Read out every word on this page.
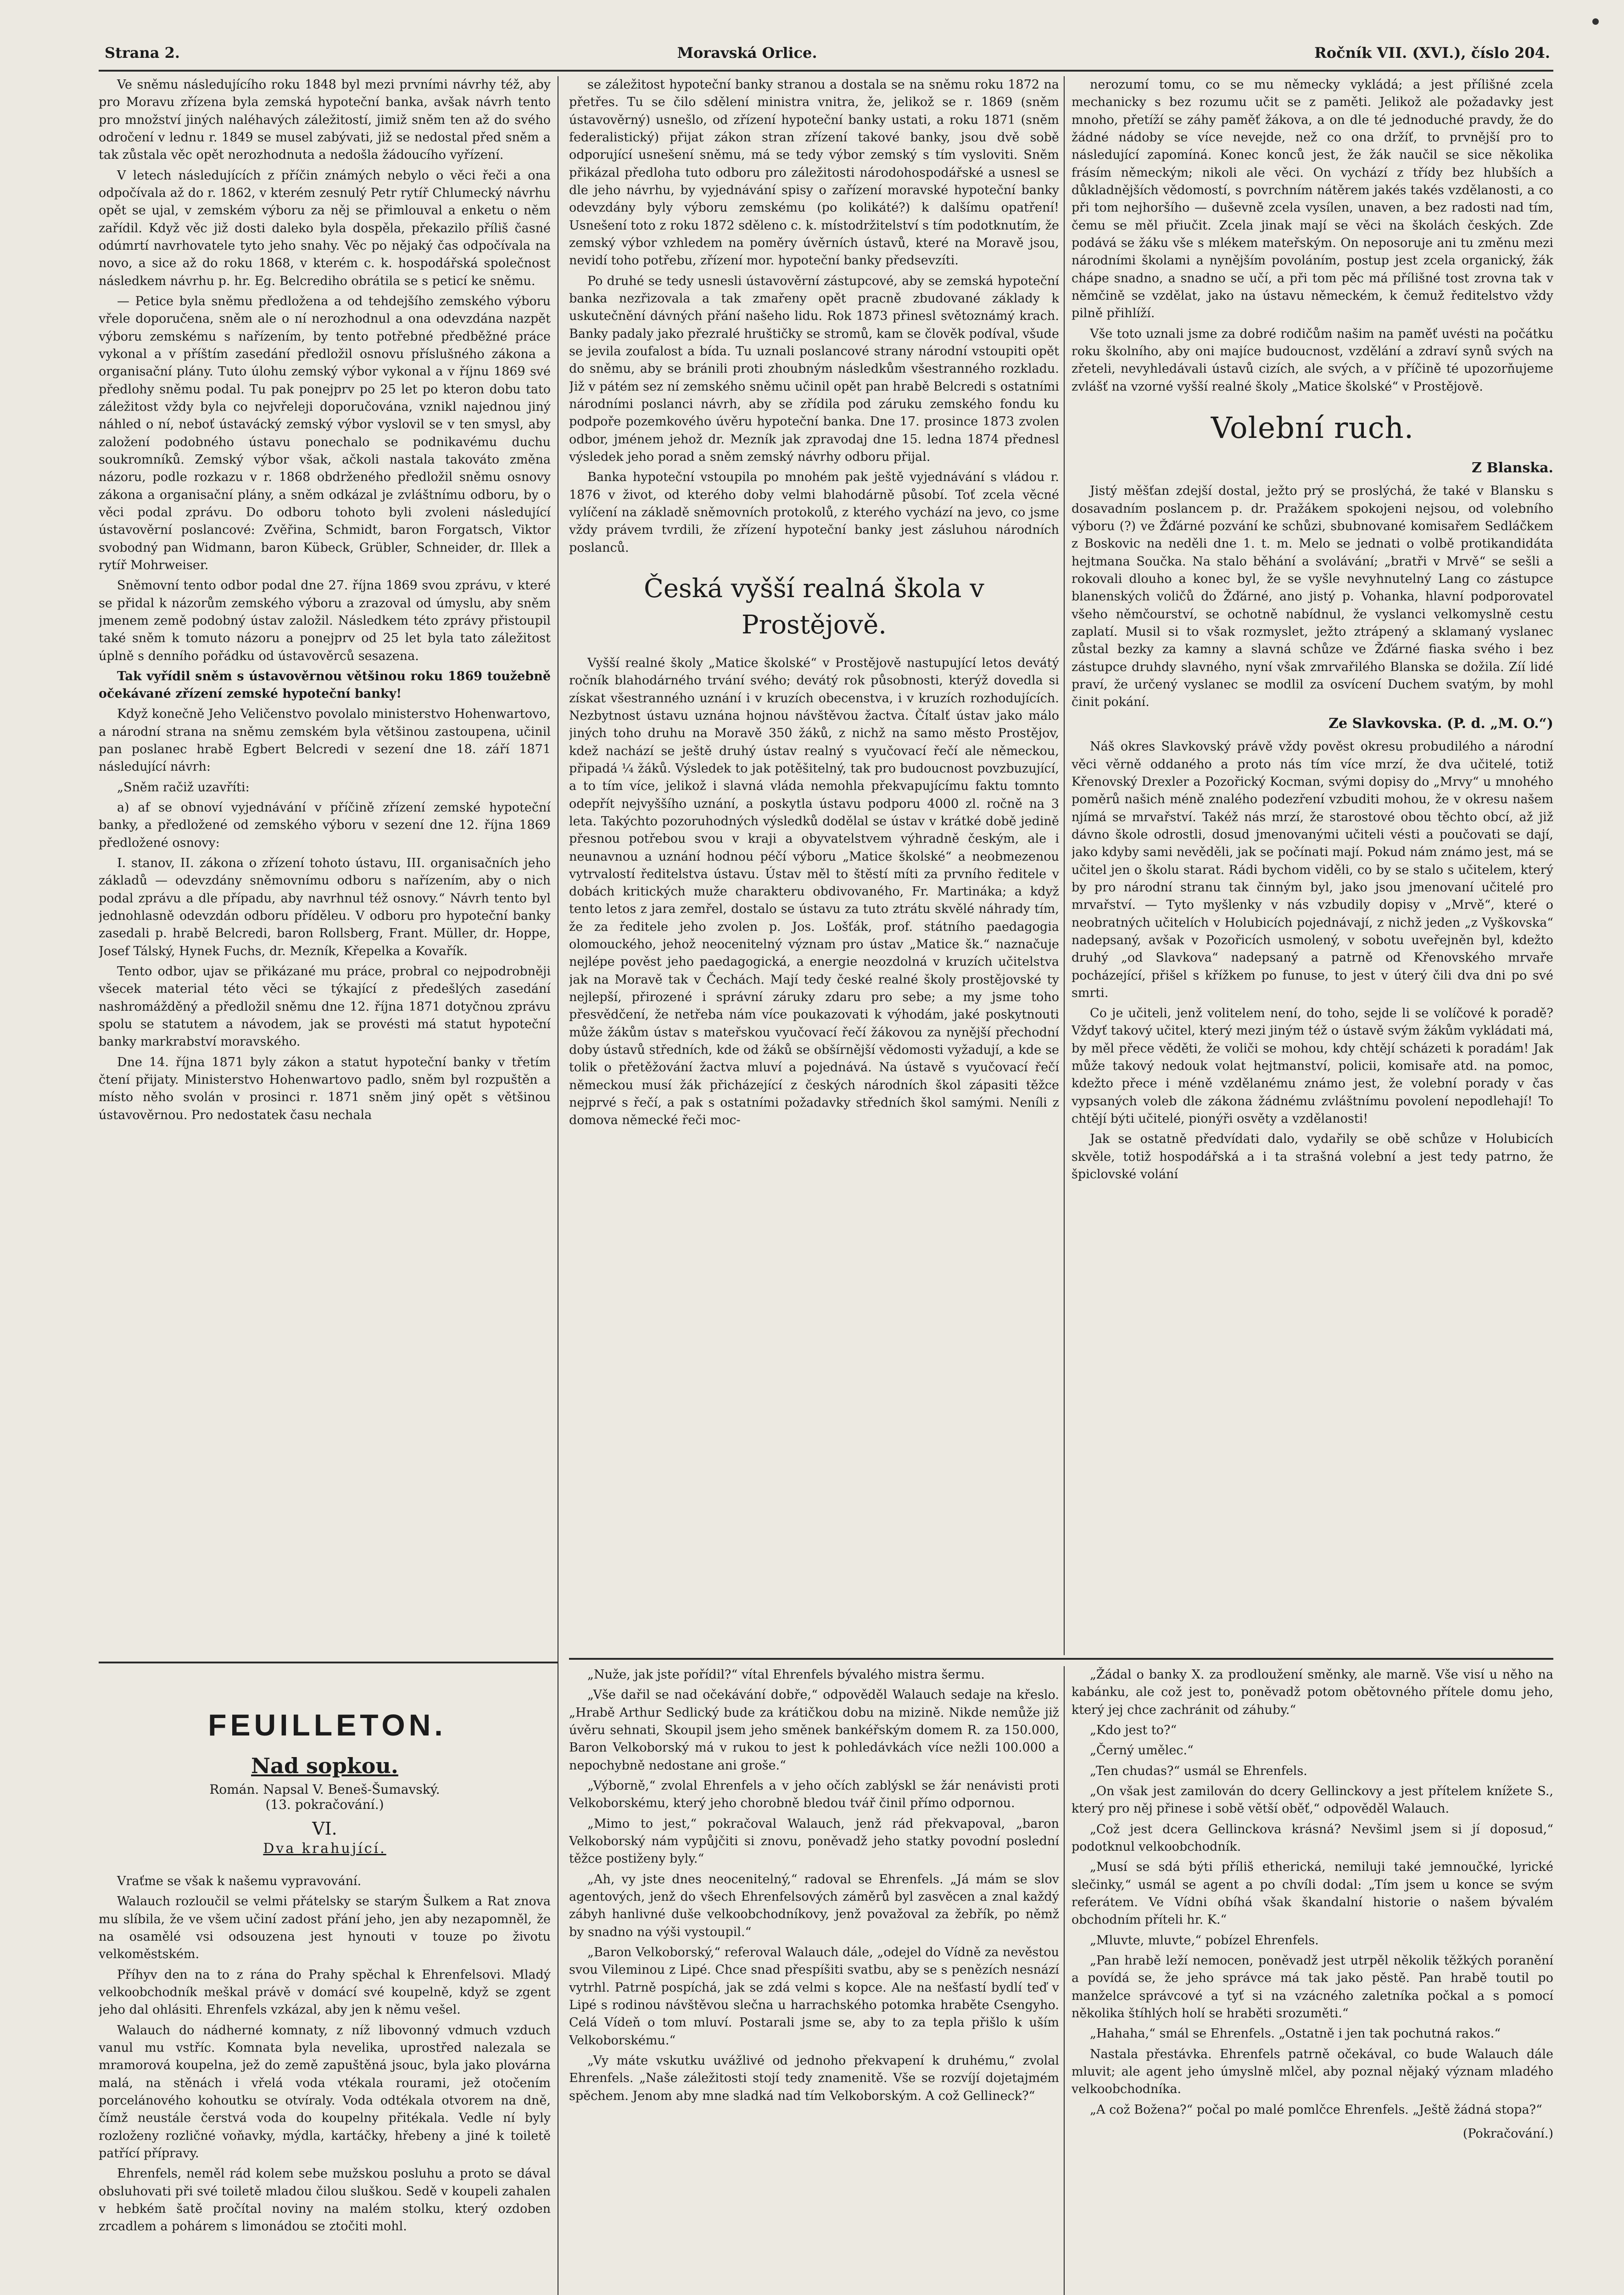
Strana 2.	Moravská Orlice.	Ročník VII. (XVI.), číslo 204.

Ve sněmu následujícího roku 1848 byl mezi prvními návrhy též, aby pro Moravu zřízena byla zemská hypoteční banka, avšak návrh tento pro množství jiných naléhavých záležitostí, jimiž sněm ten až do svého odročení v lednu r. 1849 se musel zabývati, již se nedostal před sněm a tak zůstala věc opět nerozhodnuta a nedošla žádoucího vyřízení.

V letech následujících z příčin známých nebylo o věci řeči a ona odpočívala až do r. 1862, v kterém zesnulý Petr rytíř Chlumecký návrhu opět se ujal, v zemském výboru za něj se přimlouval a enketu o něm zařídil. Když věc již dosti daleko byla dospěla, překazilo příliš časné odúmrtí navrhovatele tyto jeho snahy. Věc po nějaký čas odpočívala na novo, a sice až do roku 1868, v kterém c. k. hospodářská společnost následkem návrhu p. hr. Eg. Belcrediho obrátila se s peticí ke sněmu.

— Petice byla sněmu předložena a od tehdejšího zemského výboru vřele doporučena, sněm ale o ní nerozhodnul a ona odevzdána nazpět výboru zemskému s nařízením, by tento potřebné předběžné práce vykonal a v příštím zasedání předložil osnovu příslušného zákona a organisační plány. Tuto úlohu zemský výbor vykonal a v říjnu 1869 své předlohy sněmu podal. Tu pak ponejprv po 25 let po kteron dobu tato záležitost vždy byla co nejvřeleji doporučována, vznikl najednou jiný náhled o ní, neboť ústavácký zemský výbor vyslovil se v ten smysl, aby založení podobného ústavu ponechalo se podnikavému duchu soukromníků. Zemský výbor však, ačkoli nastala takováto změna názoru, podle rozkazu v r. 1868 obdrženého předložil sněmu osnovy zákona a organisační plány, a sněm odkázal je zvláštnímu odboru, by o věci podal zprávu. Do odboru tohoto byli zvoleni následující ústavověrní poslancové: Zvěřina, Schmidt, baron Forgatsch, Viktor svobodný pan Widmann, baron Kübeck, Grübler, Schneider, dr. Illek a rytíř Mohrweiser.

Sněmovní tento odbor podal dne 27. října 1869 svou zprávu, v které se přidal k názorům zemského výboru a zrazoval od úmyslu, aby sněm jmenem země podobný ústav založil. Následkem této zprávy přistoupil také sněm k tomuto názoru a ponejprv od 25 let byla tato záležitost úplně s denního pořádku od ústavověrců sesazena.

Tak vyřídil sněm s ústavověrnou většinou roku 1869 toužebně očekávané zřízení zemské hypoteční banky!

Když konečně Jeho Veličenstvo povolalo ministerstvo Hohenwartovo, a národní strana na sněmu zemském byla většinou zastoupena, učinil pan poslanec hrabě Egbert Belcredi v sezení dne 18. září 1871 následující návrh:

„Sněm račiž uzavříti:

a) af se obnoví vyjednávání v příčině zřízení zemské hypoteční banky, a předložené od zemského výboru v sezení dne 12. října 1869 předložené osnovy:

I. stanov, II. zákona o zřízení tohoto ústavu, III. organisačních jeho základů — odevzdány sněmovnímu odboru s nařízením, aby o nich podal zprávu a dle případu, aby navrhnul též osnovy.“ Návrh tento byl jednohlasně odevzdán odboru příděleu. V odboru pro hypoteční banky zasedali p. hrabě Belcredi, baron Rollsberg, Frant. Müller, dr. Hoppe, Josef Tálský, Hynek Fuchs, dr. Mezník, Křepelka a Kovařík.

Tento odbor, ujav se přikázané mu práce, probral co nejpodrobněji všecek material této věci se týkající z předešlých zasedání nashromážděný a předložil sněmu dne 12. října 1871 dotyčnou zprávu spolu se statutem a návodem, jak se provésti má statut hypoteční banky markrabství moravského.

Dne 14. října 1871 byly zákon a statut hypoteční banky v třetím čtení přijaty. Ministerstvo Hohenwartovo padlo, sněm byl rozpuštěn a místo něho svolán v prosinci r. 1871 sněm jiný opět s většinou ústavověrnou. Pro nedostatek času nechala

se záležitost hypoteční banky stranou a dostala se na sněmu roku 1872 na přetřes. Tu se čilo sdělení ministra vnitra, že, jelikož se r. 1869 (sněm ústavověrný) usnešlo, od zřízení hypoteční banky ustati, a roku 1871 (sněm federalistický) přijat zákon stran zřízení takové banky, jsou dvě sobě odporující usnešení sněmu, má se tedy výbor zemský s tím vysloviti. Sněm přikázal předloha tuto odboru pro záležitosti národohospodářské a usnesl se dle jeho návrhu, by vyjednávání spisy o zařízení moravské hypoteční banky odevzdány byly výboru zemskému (po kolikáté?) k dalšímu opatření! Usnešení toto z roku 1872 sděleno c. k. místodržitelství s tím podotknutím, že zemský výbor vzhledem na poměry úvěrních ústavů, které na Moravě jsou, nevidí toho potřebu, zřízení mor. hypoteční banky předsevzíti.

Po druhé se tedy usnesli ústavověrní zástupcové, aby se zemská hypoteční banka nezřizovala a tak zmařeny opět pracně zbudované základy k uskutečnění dávných přání našeho lidu. Rok 1873 přinesl světoznámý krach. Banky padaly jako přezralé hruštičky se stromů, kam se člověk podíval, všude se jevila zoufalost a bída. Tu uznali poslancové strany národní vstoupiti opět do sněmu, aby se bránili proti zhoubným následkům všestranného rozkladu. Již v pátém sez ní zemského sněmu učinil opět pan hrabě Belcredi s ostatními národními poslanci návrh, aby se zřídila pod záruku zemského fondu ku podpoře pozemkového úvěru hypoteční banka. Dne 17. prosince 1873 zvolen odbor, jménem jehož dr. Mezník jak zpravodaj dne 15. ledna 1874 přednesl výsledek jeho porad a sněm zemský návrhy odboru přijal.

Banka hypoteční vstoupila po mnohém pak ještě vyjednávání s vládou r. 1876 v život, od kterého doby velmi blahodárně působí. Toť zcela věcné vylíčení na základě sněmovních protokolů, z kterého vychází na jevo, co jsme vždy právem tvrdili, že zřízení hypoteční banky jest zásluhou národních poslanců.

Česká vyšší realná škola v Prostějově.

Vyšší realné školy „Matice školské“ v Prostějově nastupující letos devátý ročník blahodárného trvání svého; devátý rok působnosti, kterýž dovedla si získat všestranného uznání i v kruzích obecenstva, i v kruzích rozhodujících. Nezbytnost ústavu uznána hojnou návštěvou žactva. Čítalť ústav jako málo jiných toho druhu na Moravě 350 žáků, z nichž na samo město Prostějov, kdež nachází se ještě druhý ústav realný s vyučovací řečí ale německou, připadá ¼ žáků. Výsledek to jak potěšitelný, tak pro budoucnost povzbuzující, a to tím více, jelikož i slavná vláda nemohla překvapujícímu faktu tomnto odepřít nejvyššího uznání, a poskytla ústavu podporu 4000 zl. ročně na 3 leta. Takýchto pozoruhodných výsledků dodělal se ústav v krátké době jedině přesnou potřebou svou v kraji a obyvatelstvem výhradně českým, ale i neunavnou a uznání hodnou péčí výboru „Matice školské“ a neobmezenou vytrvalostí ředitelstva ústavu. Ústav měl to štěstí míti za prvního ředitele v dobách kritických muže charakteru obdivovaného, Fr. Martináka; a když tento letos z jara zemřel, dostalo se ústavu za tuto ztrátu skvělé náhrady tím, že za ředitele jeho zvolen p. Jos. Lošťák, prof. státního paedagogia olomouckého, jehož neocenitelný význam pro ústav „Matice šk.“ naznačuje nejlépe pověst jeho paedagogická, a energie neozdolná v kruzích učitelstva jak na Moravě tak v Čechách. Mají tedy české realné školy prostějovské ty nejlepší, přirozené i správní záruky zdaru pro sebe; a my jsme toho přesvědčení, že netřeba nám více poukazovati k výhodám, jaké poskytnouti může žákům ústav s mateřskou vyučovací řečí žákovou za nynější přechodní doby ústavů středních, kde od žáků se obšírnější vědomosti vyžadují, a kde se tolik o přetěžování žactva mluví a pojednává. Na ústavě s vyučovací řečí německou musí žák přicházející z českých národních škol zápasiti těžce nejprvé s řečí, a pak s ostatními požadavky středních škol samými. Neníli z domova německé řeči moc-

nerozumí tomu, co se mu německy vykládá; a jest přílišné zcela mechanicky s bez rozumu učit se z paměti. Jelikož ale požadavky jest mnoho, přetíží se záhy paměť žákova, a on dle té jednoduché pravdy, že do žádné nádoby se více nevejde, než co ona držíť, to prvnější pro to následující zapomíná. Konec konců jest, že žák naučil se sice několika frásím německým; nikoli ale věci. On vychází z třídy bez hlubších a důkladnějších vědomostí, s povrchním nátěrem jakés takés vzdělanosti, a co při tom nejhoršího — duševně zcela vysílen, unaven, a bez radosti nad tím, čemu se měl přiučit. Zcela jinak mají se věci na školách českých. Zde podává se žáku vše s mlékem mateřským. On neposoruje ani tu změnu mezi národními školami a nynějším povoláním, postup jest zcela organický, žák chápe snadno, a snadno se učí, a při tom pěc má přílišné tost zrovna tak v němčině se vzdělat, jako na ústavu německém, k čemuž ředitelstvo vždy pilně přihlíží.

Vše toto uznali jsme za dobré rodičům našim na paměť uvésti na počátku roku školního, aby oni majíce budoucnost, vzdělání a zdraví synů svých na zřeteli, nevyhledávali ústavů cizích, ale svých, a v příčině té upozorňujeme zvlášť na vzorné vyšší realné školy „Matice školské“ v Prostějově.

Volební ruch.
Z Blanska.

Jistý měšťan zdejší dostal, ježto prý se proslýchá, že také v Blansku s dosavadním poslancem p. dr. Pražákem spokojeni nejsou, od volebního výboru (?) ve Žďárné pozvání ke schůzi, sbubnované komisařem Sedláčkem z Boskovic na neděli dne 1. t. m. Melo se jednati o volbě protikandidáta hejtmana Součka. Na stalo běhání a svolávání; „bratři v Mrvě“ se sešli a rokovali dlouho a konec byl, že se vyšle nevyhnutelný Lang co zástupce blanenských voličů do Žďárné, ano jistý p. Vohanka, hlavní podporovatel všeho němčourství, se ochotně nabídnul, že vyslanci velkomyslně cestu zaplatí. Musil si to však rozmyslet, ježto ztrápený a sklamaný vyslanec zůstal bezky za kamny a slavná schůze ve Žďárné fiaska svého i bez zástupce druhdy slavného, nyní však zmrvařilého Blanska se dožila. Zíí lidé praví, že určený vyslanec se modlil za osvícení Duchem svatým, by mohl činit pokání.

Ze Slavkovska. (P. d. „M. O.“)

Náš okres Slavkovský právě vždy pověst okresu probudilého a národní věci věrně oddaného a proto nás tím více mrzí, že dva učitelé, totiž Křenovský Drexler a Pozořický Kocman, svými dopisy do „Mrvy“ u mnohého poměrů našich méně znalého podezření vzbuditi mohou, že v okresu našem njímá se mrvařství. Takéž nás mrzí, že starostové obou těchto obcí, až již dávno škole odrostli, dosud jmenovanými učiteli vésti a poučovati se dají, jako kdyby sami nevěděli, jak se počínati mají. Pokud nám známo jest, má se učitel jen o školu starat. Rádi bychom viděli, co by se stalo s učitelem, který by pro národní stranu tak činným byl, jako jsou jmenovaní učitelé pro mrvařství. — Tyto myšlenky v nás vzbudily dopisy v „Mrvě“, které o neobratných učitelích v Holubicích pojednávají, z nichž jeden „z Vyškovska“ nadepsaný, avšak v Pozořicích usmolený, v sobotu uveřejněn byl, kdežto druhý „od Slavkova“ nadepsaný a patrně od Křenovského mrvaře pocházející, přišel s křížkem po funuse, to jest v úterý čili dva dni po své smrti.

Co je učiteli, jenž volitelem není, do toho, sejde li se volíčové k poradě? Vždyť takový učitel, který mezi jiným též o ústavě svým žákům vykládati má, by měl přece věděti, že voliči se mohou, kdy chtějí scházeti k poradám! Jak může takový nedouk volat hejtmanství, policii, komisaře atd. na pomoc, kdežto přece i méně vzdělanému známo jest, že volební porady v čas vypsaných voleb dle zákona žádnému zvláštnímu povolení nepodlehají! To chtějí býti učitelé, pionýři osvěty a vzdělanosti!

Jak se ostatně předvídati dalo, vydařily se obě schůze v Holubicích skvěle, totiž hospodářská a i ta strašná volební a jest tedy patrno, že špiclovské volání

FEUILLETON.
Nad sopkou.
Román. Napsal V. Beneš-Šumavský.
(13. pokračování.)
VI.
Dva krahující.

Vraťme se však k našemu vypravování.

Walauch rozloučil se velmi přátelsky se starým Šulkem a Rat znova mu slíbila, že ve všem učiní zadost přání jeho, jen aby nezapomněl, že na osamělé vsi odsouzena jest hynouti v touze po životu velkoměstském.

Příhyv den na to z rána do Prahy spěchal k Ehrenfelsovi. Mladý velkoobchodník meškal právě v domácí své koupelně, když se zgent jeho dal ohlásiti. Ehrenfels vzkázal, aby jen k němu vešel.

Walauch do nádherné komnaty, z níž libovonný vdmuch vzduch vanul mu vstříc. Komnata byla nevelika, uprostřed nalezala se mramorová koupelna, jež do země zapuštěná jsouc, byla jako plovárna malá, na stěnách i vřelá voda vtékala rourami, jež otočením porcelánového kohoutku se otvíraly. Voda odtékala otvorem na dně, čímž neustále čerstvá voda do koupelny přitékala. Vedle ní byly rozloženy rozličné voňavky, mýdla, kartáčky, hřebeny a jiné k toiletě patřící přípravy.

Ehrenfels, neměl rád kolem sebe mužskou posluhu a proto se dával obsluhovati při své toiletě mladou čilou sluškou. Sedě v koupeli zahalen v hebkém šatě pročítal noviny na malém stolku, který ozdoben zrcadlem a pohárem s limonádou se ztočiti mohl.

„Nuže, jak jste pořídil?“ vítal Ehrenfels bývalého mistra šermu.

„Vše dařil se nad očekávání dobře,“ odpověděl Walauch sedaje na křeslo. „Hrabě Arthur Sedlický bude za krátičkou dobu na mizině. Nikde nemůže již úvěru sehnati, Skoupil jsem jeho směnek bankéřským domem R. za 150.000, Baron Velkoborský má v rukou to jest k pohledávkách více nežli 100.000 a nepochybně nedostane ani groše.“

„Výborně,“ zvolal Ehrenfels a v jeho očích zablýskl se žár nenávisti proti Velkoborskému, který jeho chorobně bledou tvář činil přímo odpornou.

„Mimo to jest,“ pokračoval Walauch, jenž rád překvapoval, „baron Velkoborský nám vypůjčiti si znovu, poněvadž jeho statky povodní poslední těžce postiženy byly.“

„Ah, vy jste dnes neocenitelný,“ radoval se Ehrenfels. „Já mám se slov agentových, jenž do všech Ehrenfelsových záměrů byl zasvěcen a znal každý zábyh hanlivné duše velkoobchodníkovy, jenž považoval za žebřík, po němž by snadno na výši vystoupil.“

„Baron Velkoborský,“ referoval Walauch dále, „odejel do Vídně za nevěstou svou Vileminou z Lipé. Chce snad přespíšiti svatbu, aby se s penězích nesnází vytrhl. Patrně pospíchá, jak se zdá velmi s kopce. Ale na nešťastí bydlí teď v Lipé s rodinou návštěvou slečna u harrachského potomka hraběte Csengyho. Celá Vídeň o tom mluví. Postarali jsme se, aby to za tepla přišlo k uším Velkoborskému.“

„Vy máte vskutku uvážlivé od jednoho překvapení k druhému,“ zvolal Ehrenfels. „Naše záležitosti stojí tedy znamenitě. Vše se rozvíjí dojetajmém spěchem. Jenom aby mne sladká nad tím Velkoborským. A což Gellineck?“

„Žádal o banky X. za prodloužení směnky, ale marně. Vše visí u něho na kabánku, ale což jest to, poněvadž potom obětovného přítele domu jeho, který jej chce zachránit od záhuby.“

„Kdo jest to?“

„Černý umělec.“

„Ten chudas?“ usmál se Ehrenfels.

„On však jest zamilován do dcery Gellinckovy a jest přítelem knížete S., který pro něj přinese i sobě větší oběť,“ odpověděl Walauch.

„Což jest dcera Gellinckova krásná? Nevšiml jsem si jí doposud,“ podotknul velkoobchodník.

„Musí se sdá býti příliš etherická, nemiluji také jemnoučké, lyrické slečinky,“ usmál se agent a po chvíli dodal: „Tím jsem u konce se svým referátem. Ve Vídni obíhá však škandalní historie o našem bývalém obchodním příteli hr. K.“

„Mluvte, mluvte,“ pobízel Ehrenfels.

„Pan hrabě leží nemocen, poněvadž jest utrpěl několik těžkých poranění a povídá se, že jeho správce má tak jako pěstě. Pan hrabě toutil po manželce správcové a tyť si na vzácného zaletníka počkal a s pomocí několika štíhlých holí se hraběti srozuměti.“

„Hahaha,“ smál se Ehrenfels. „Ostatně i jen tak pochutná rakos.“

Nastala přestávka. Ehrenfels patrně očekával, co bude Walauch dále mluvit; ale agent jeho úmyslně mlčel, aby poznal nějaký význam mladého velkoobchodníka.

„A což Božena?“ počal po malé pomlčce Ehrenfels. „Ještě žádná stopa?“

(Pokračování.)
